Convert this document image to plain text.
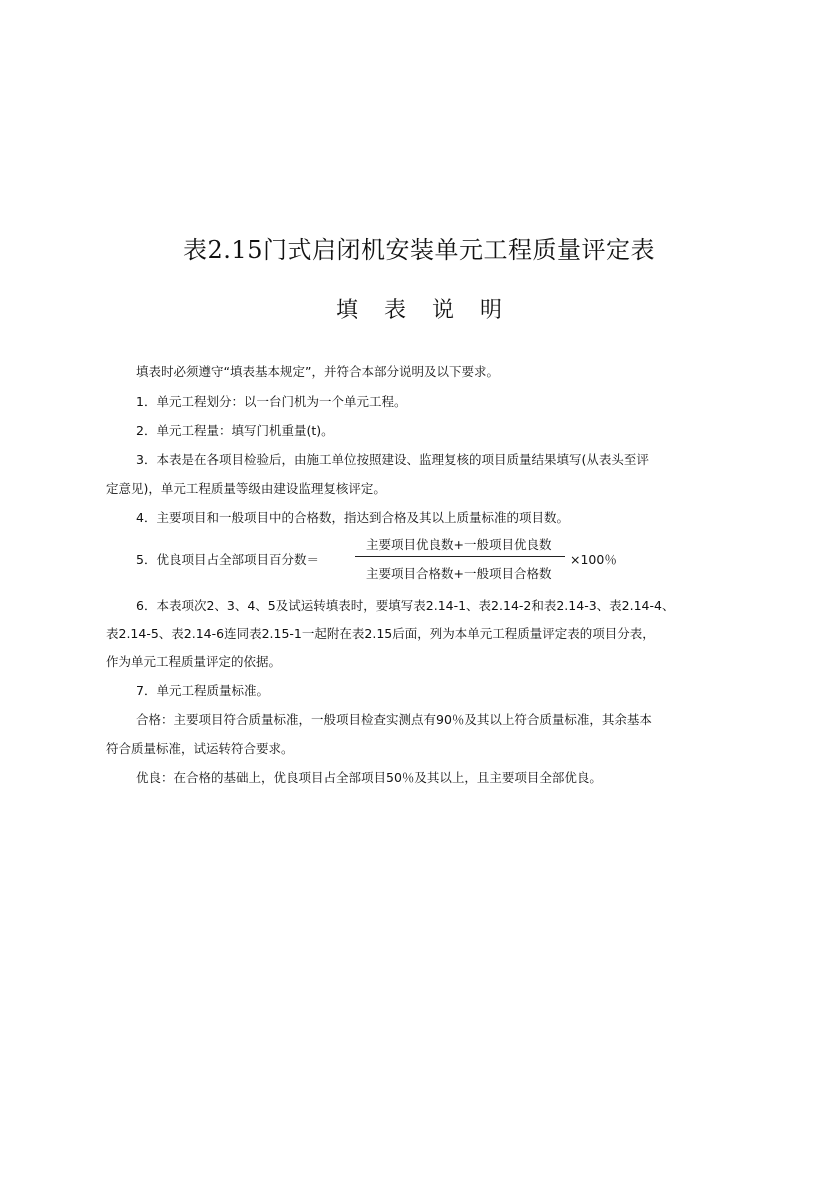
表2.15门式启闭机安装单元工程质量评定表
填表说明
填表时必须遵守“填表基本规定”，并符合本部分说明及以下要求。
1．单元工程划分：以一台门机为一个单元工程。
2．单元工程量：填写门机重量(t)。
3．本表是在各项目检验后，由施工单位按照建设、监理复核的项目质量结果填写(从表头至评
定意见)，单元工程质量等级由建设监理复核评定。
4．主要项目和一般项目中的合格数，指达到合格及其以上质量标准的项目数。
5．优良项目占全部项目百分数＝
主要项目优良数+一般项目优良数
主要项目合格数+一般项目合格数
×100％
6．本表项次2、3、4、5及试运转填表时，要填写表2.14-1、表2.14-2和表2.14-3、表2.14-4、
表2.14-5、表2.14-6连同表2.15-1一起附在表2.15后面，列为本单元工程质量评定表的项目分表，
作为单元工程质量评定的依据。
7．单元工程质量标准。
合格：主要项目符合质量标准，一般项目检查实测点有90％及其以上符合质量标准，其余基本
符合质量标准，试运转符合要求。
优良：在合格的基础上，优良项目占全部项目50％及其以上，且主要项目全部优良。
